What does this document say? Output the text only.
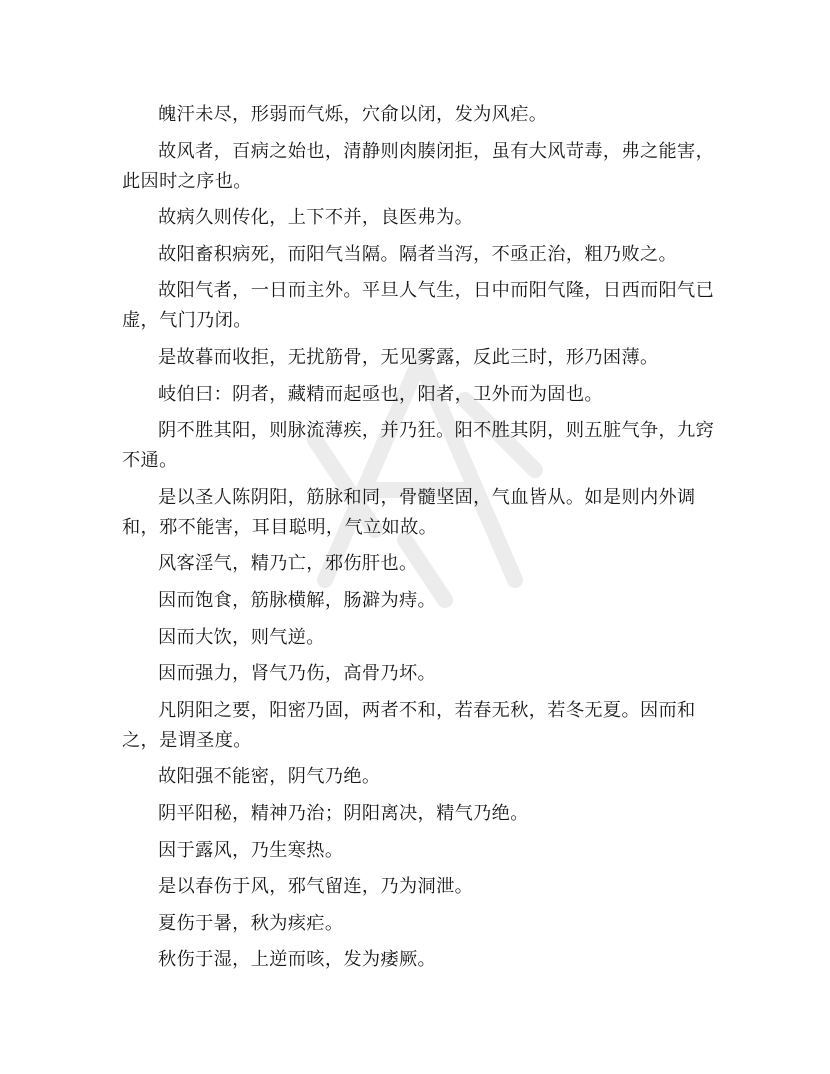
魄汗未尽，形弱而气烁，穴俞以闭，发为风疟。

故风者，百病之始也，清静则肉腠闭拒，虽有大风苛毒，弗之能害，此因时之序也。

故病久则传化，上下不并，良医弗为。

故阳畜积病死，而阳气当隔。隔者当泻，不亟正治，粗乃败之。

故阳气者，一日而主外。平旦人气生，日中而阳气隆，日西而阳气已虚，气门乃闭。

是故暮而收拒，无扰筋骨，无见雾露，反此三时，形乃困薄。

岐伯曰：阴者，藏精而起亟也，阳者，卫外而为固也。

阴不胜其阳，则脉流薄疾，并乃狂。阳不胜其阴，则五脏气争，九窍不通。

是以圣人陈阴阳，筋脉和同，骨髓坚固，气血皆从。如是则内外调和，邪不能害，耳目聪明，气立如故。

风客淫气，精乃亡，邪伤肝也。

因而饱食，筋脉横解，肠澼为痔。

因而大饮，则气逆。

因而强力，肾气乃伤，高骨乃坏。

凡阴阳之要，阳密乃固，两者不和，若春无秋，若冬无夏。因而和之，是谓圣度。

故阳强不能密，阴气乃绝。

阴平阳秘，精神乃治；阴阳离决，精气乃绝。

因于露风，乃生寒热。

是以春伤于风，邪气留连，乃为洞泄。

夏伤于暑，秋为痎疟。

秋伤于湿，上逆而咳，发为痿厥。
